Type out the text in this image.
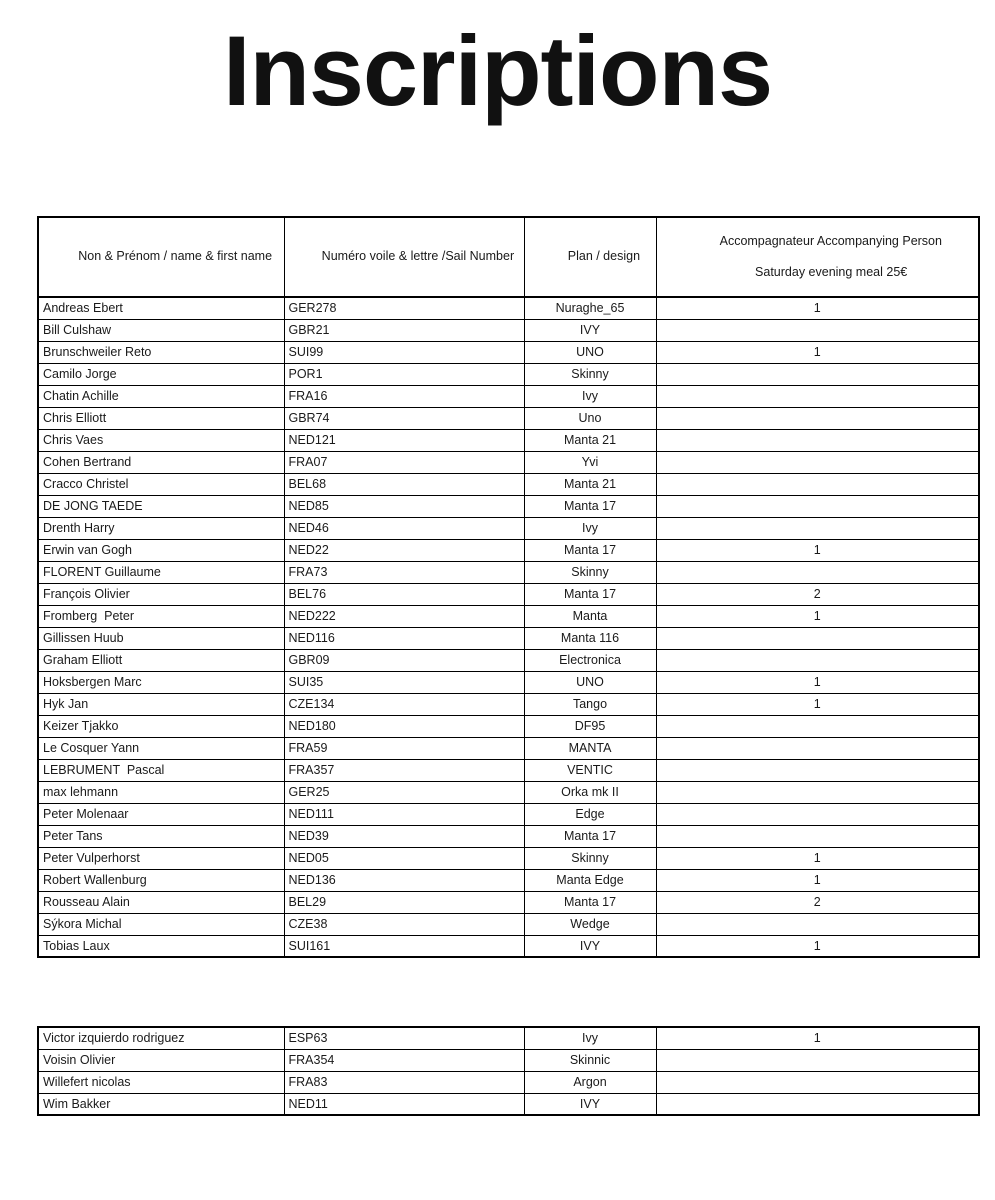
Inscriptions

Non & Prénom / name & first name	Numéro voile & lettre /Sail Number	Plan / design	Accompagnateur Accompanying Person

Saturday evening meal 25€

Andreas Ebert	GER278	Nuraghe_65	1
Bill Culshaw	GBR21	IVY	
Brunschweiler Reto	SUI99	UNO	1
Camilo Jorge	POR1	Skinny	
Chatin Achille	FRA16	Ivy	
Chris Elliott	GBR74	Uno	
Chris Vaes	NED121	Manta 21	
Cohen Bertrand	FRA07	Yvi	
Cracco Christel	BEL68	Manta 21	
DE JONG TAEDE	NED85	Manta 17	
Drenth Harry	NED46	Ivy	
Erwin van Gogh	NED22	Manta 17	1
FLORENT Guillaume	FRA73	Skinny	
François Olivier	BEL76	Manta 17	2
Fromberg  Peter	NED222	Manta	1
Gillissen Huub	NED116	Manta 116	
Graham Elliott	GBR09	Electronica	
Hoksbergen Marc	SUI35	UNO	1
Hyk Jan	CZE134	Tango	1
Keizer Tjakko	NED180	DF95	
Le Cosquer Yann	FRA59	MANTA	
LEBRUMENT  Pascal	FRA357	VENTIC	
max lehmann	GER25	Orka mk II	
Peter Molenaar	NED111	Edge	
Peter Tans	NED39	Manta 17	
Peter Vulperhorst	NED05	Skinny	1
Robert Wallenburg	NED136	Manta Edge	1
Rousseau Alain	BEL29	Manta 17	2
Sýkora Michal	CZE38	Wedge	
Tobias Laux	SUI161	IVY	1
Victor izquierdo rodriguez	ESP63	Ivy	1
Voisin Olivier	FRA354	Skinnic	
Willefert nicolas	FRA83	Argon	
Wim Bakker	NED11	IVY	
